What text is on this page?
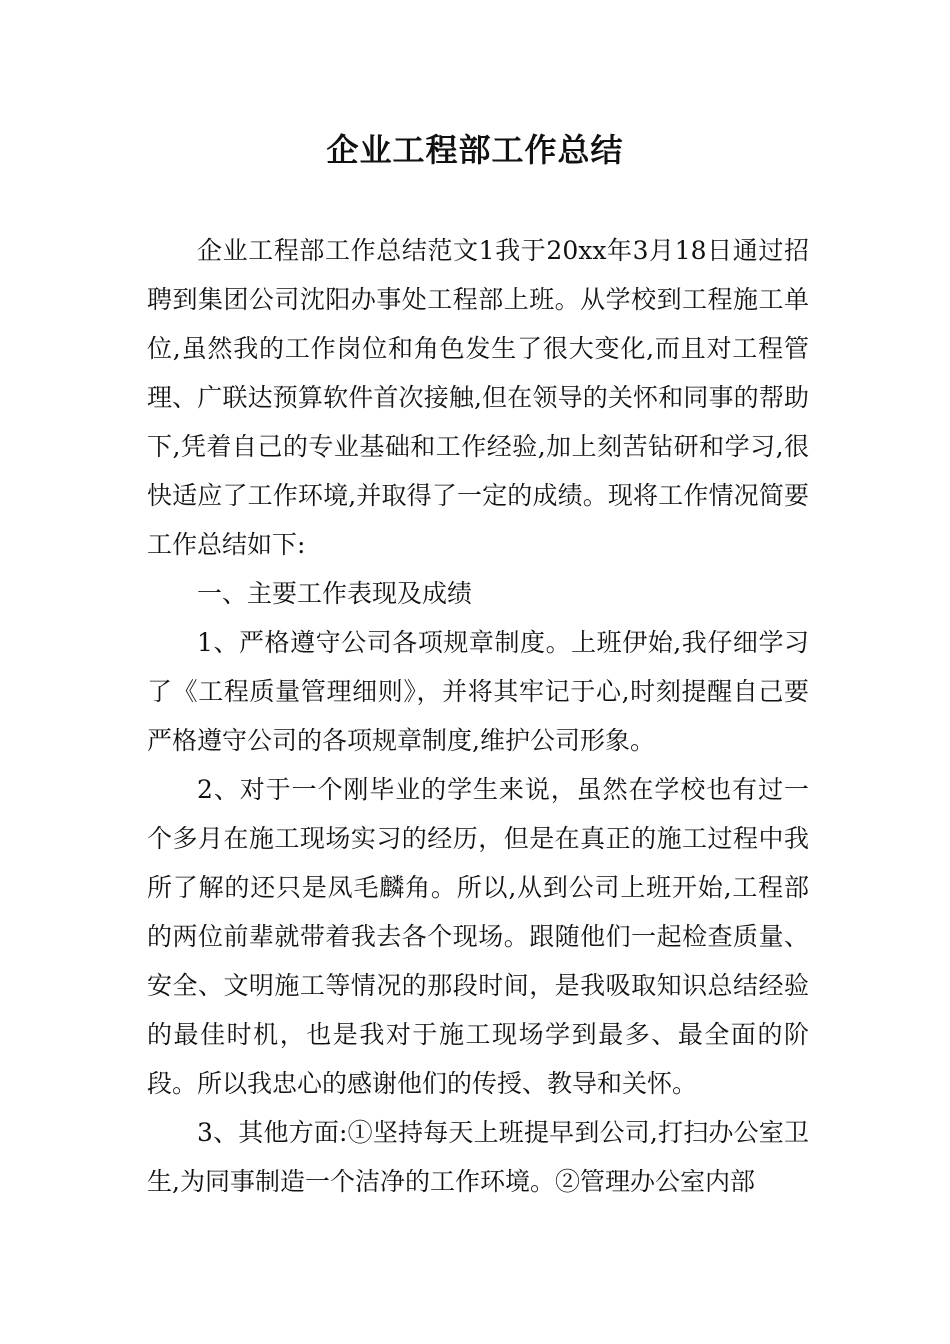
企业工程部工作总结

企业工程部工作总结范文1我于20xx年3月18日通过招聘到集团公司沈阳办事处工程部上班。从学校到工程施工单位,虽然我的工作岗位和角色发生了很大变化,而且对工程管理、广联达预算软件首次接触,但在领导的关怀和同事的帮助下,凭着自己的专业基础和工作经验,加上刻苦钻研和学习,很快适应了工作环境,并取得了一定的成绩。现将工作情况简要工作总结如下:

一、主要工作表现及成绩

1、严格遵守公司各项规章制度。上班伊始,我仔细学习了《工程质量管理细则》，并将其牢记于心,时刻提醒自己要严格遵守公司的各项规章制度,维护公司形象。

2、对于一个刚毕业的学生来说，虽然在学校也有过一个多月在施工现场实习的经历，但是在真正的施工过程中我所了解的还只是凤毛麟角。所以,从到公司上班开始,工程部的两位前辈就带着我去各个现场。跟随他们一起检查质量、安全、文明施工等情况的那段时间，是我吸取知识总结经验的最佳时机，也是我对于施工现场学到最多、最全面的阶段。所以我忠心的感谢他们的传授、教导和关怀。

3、其他方面:①坚持每天上班提早到公司,打扫办公室卫生,为同事制造一个洁净的工作环境。②管理办公室内部
